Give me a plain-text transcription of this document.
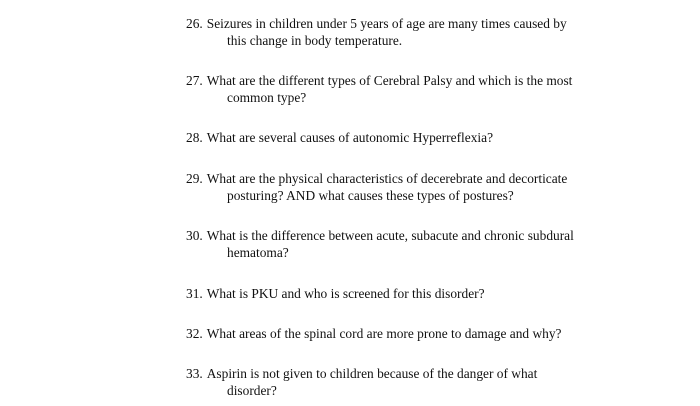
26. Seizures in children under 5 years of age are many times caused by
this change in body temperature.
27. What are the different types of Cerebral Palsy and which is the most
common type?
28. What are several causes of autonomic Hyperreflexia?
29. What are the physical characteristics of decerebrate and decorticate
posturing? AND what causes these types of postures?
30. What is the difference between acute, subacute and chronic subdural
hematoma?
31. What is PKU and who is screened for this disorder?
32. What areas of the spinal cord are more prone to damage and why?
33. Aspirin is not given to children because of the danger of what
disorder?
